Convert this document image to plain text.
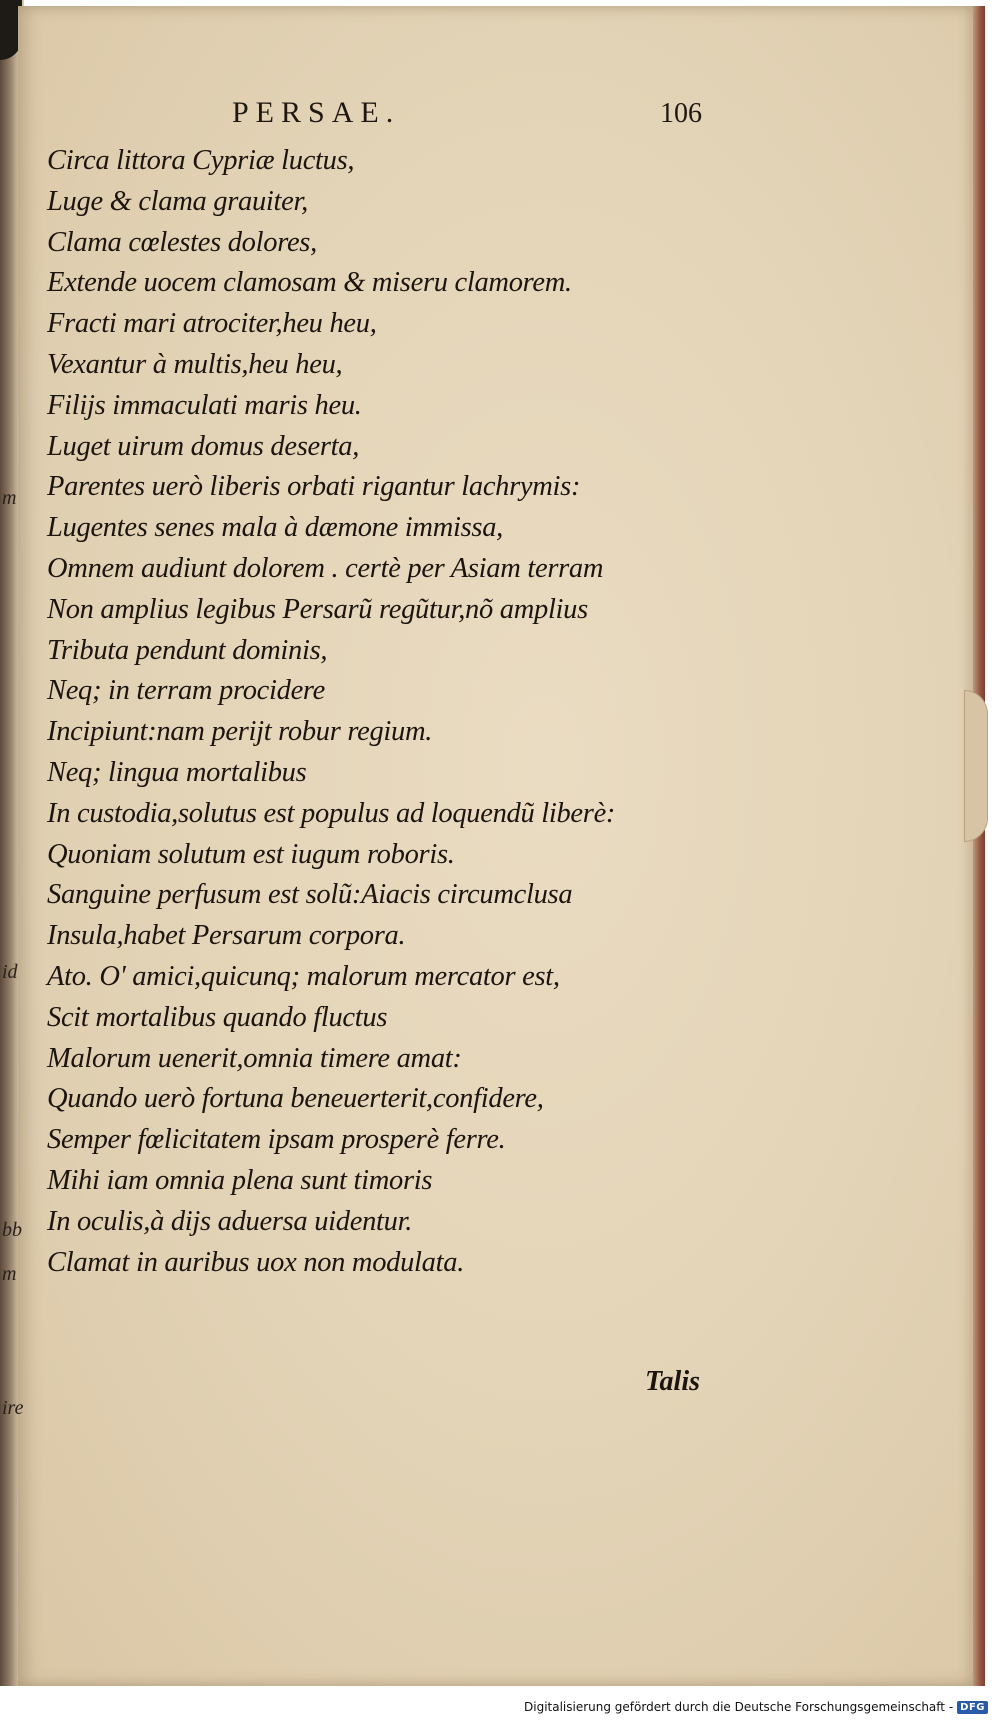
m
id
bb
m
ire
PERSAE.	106
Circa littora Cypriæ luctus,
Luge & clama grauiter,
Clama cœlestes dolores,
Extende uocem clamosam & miseru clamorem.
Fracti mari atrociter,heu heu,
Vexantur à multis,heu heu,
Filijs immaculati maris heu.
Luget uirum domus deserta,
Parentes uerò liberis orbati rigantur lachrymis:
Lugentes senes mala à dæmone immissa,
Omnem audiunt dolorem . certè per Asiam terram
Non amplius legibus Persarũ regũtur,nõ amplius
Tributa pendunt dominis,
Neq; in terram procidere
Incipiunt:nam perijt robur regium.
Neq; lingua mortalibus
In custodia,solutus est populus ad loquendũ liberè:
Quoniam solutum est iugum roboris.
Sanguine perfusum est solũ:Aiacis circumclusa
Insula,habet Persarum corpora.
Ato. O' amici,quicunq; malorum mercator est,
Scit mortalibus quando fluctus
Malorum uenerit,omnia timere amat:
Quando uerò fortuna beneuerterit,confidere,
Semper fœlicitatem ipsam prosperè ferre.
Mihi iam omnia plena sunt timoris
In oculis,à dijs aduersa uidentur.
Clamat in auribus uox non modulata.
Talis
Digitalisierung gefördert durch die Deutsche Forschungsgemeinschaft - DFG
